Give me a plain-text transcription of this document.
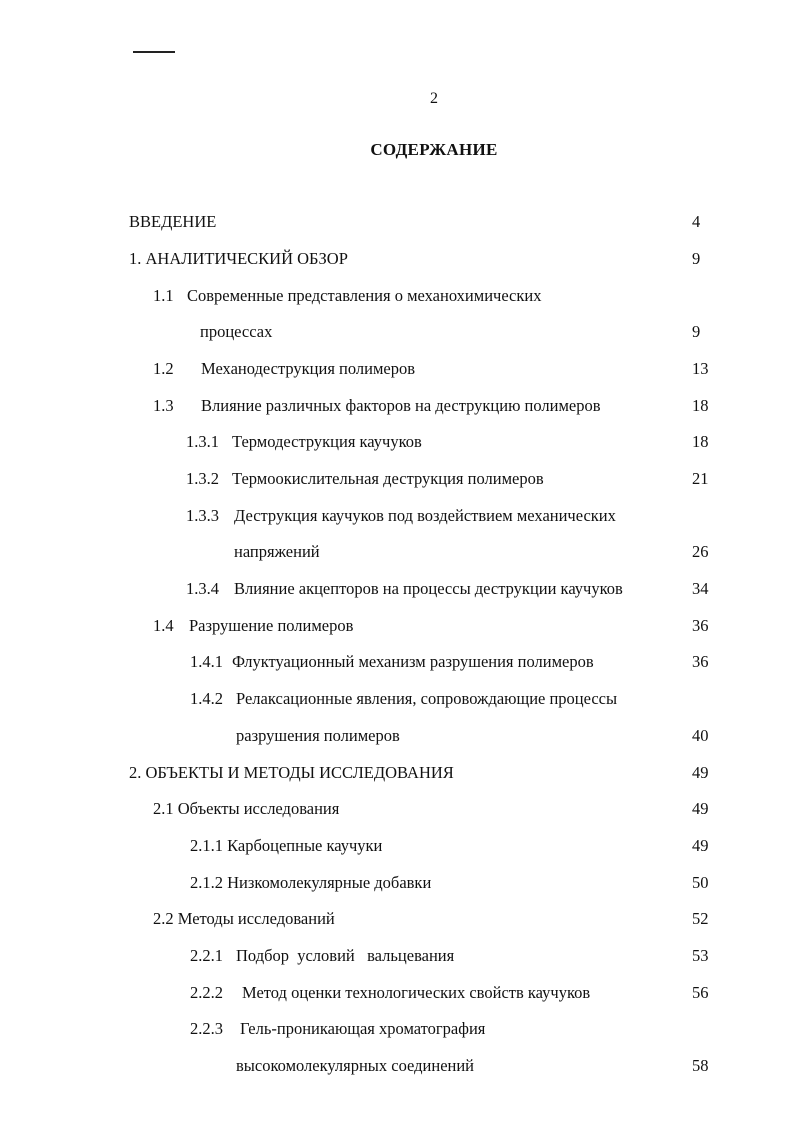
2
СОДЕРЖАНИЕ
ВВЕДЕНИЕ	4
1. АНАЛИТИЧЕСКИЙ ОБЗОР	9
1.1 Современные представления о механохимических
процессах	9
1.2 Механодеструкция полимеров	13
1.3 Влияние различных факторов на деструкцию полимеров	18
1.3.1 Термодеструкция каучуков	18
1.3.2 Термоокислительная деструкция полимеров	21
1.3.3 Деструкция каучуков под воздействием механических
напряжений	26
1.3.4 Влияние акцепторов на процессы деструкции каучуков	34
1.4 Разрушение полимеров	36
1.4.1 Флуктуационный механизм разрушения полимеров	36
1.4.2 Релаксационные явления, сопровождающие процессы
разрушения полимеров	40
2. ОБЪЕКТЫ И МЕТОДЫ ИССЛЕДОВАНИЯ	49
2.1 Объекты исследования	49
2.1.1 Карбоцепные каучуки	49
2.1.2 Низкомолекулярные добавки	50
2.2 Методы исследований	52
2.2.1 Подбор  условий   вальцевания	53
2.2.2 Метод оценки технологических свойств каучуков	56
2.2.3 Гель-проникающая хроматография
высокомолекулярных соединений	58
